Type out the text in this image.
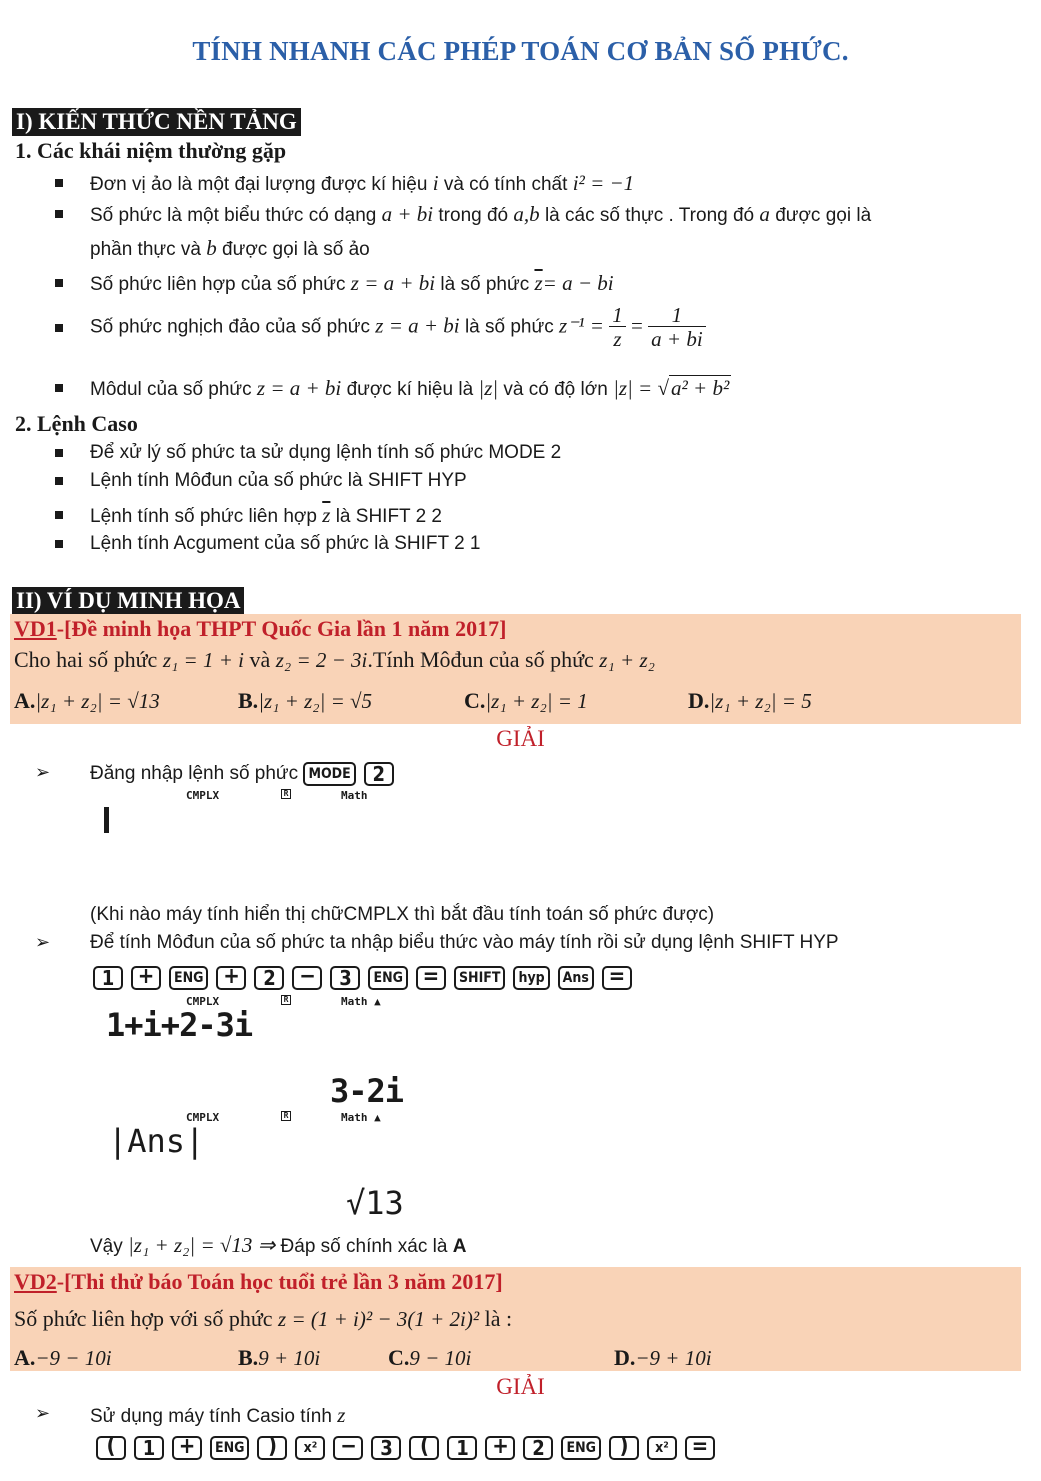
TÍNH NHANH CÁC PHÉP TOÁN CƠ BẢN SỐ PHỨC.
I) KIẾN THỨC NỀN TẢNG
1. Các khái niệm thường gặp
Đơn vị ảo là một đại lượng được kí hiệu i và có tính chất i² = −1
Số phức là một biểu thức có dạng a + bi trong đó a,b là các số thực . Trong đó a được gọi là
phần thực và b được gọi là số ảo
Số phức liên hợp của số phức z = a + bi là số phức $\overline{z}= a$ − bi
Số phức nghịch đảo của số phức z = a + bi là số phức $z^{-1} = \frac{1}{z} = \frac{1}{a + bi}$
Môdul của số phức z = a + bi được kí hiệu là |z| và có độ lớn |z| = √a² + b²
2. Lệnh Caso
Để xử lý số phức ta sử dụng lệnh tính số phức MODE 2
Lệnh tính Môđun của số phức là SHIFT HYP
Lệnh tính số phức liên hợp $\overline{z}$ là SHIFT 2 2
Lệnh tính Acgument của số phức là SHIFT 2 1
II) VÍ DỤ MINH HỌA
VD1-[Đề minh họa THPT Quốc Gia lần 1 năm 2017]
Cho hai số phức z₁ = 1 + i và z₂ = 2 − 3i.Tính Môđun của số phức z₁ + z₂
A.|z₁ + z₂| = √13	B.|z₁ + z₂| = √5	C.|z₁ + z₂| = 1	D.|z₁ + z₂| = 5
GIẢI
➢ Đăng nhập lệnh số phức MODE 2
CMPLX	R	Math
(Khi nào máy tính hiển thị chữCMPLX thì bắt đầu tính toán số phức được)
➢ Để tính Môđun của số phức ta nhập biểu thức vào máy tính rồi sử dụng lệnh SHIFT HYP
1 + ENG + 2 − 3 ENG = SHIFT hyp Ans =
CMPLX	R	Math ▲
1+i+2-3i
3-2i
CMPLX	R	Math ▲
|Ans|
√13
Vậy |z₁ + z₂| = √13 ⇒ Đáp số chính xác là A
VD2-[Thi thử báo Toán học tuổi trẻ lần 3 năm 2017]
Số phức liên hợp với số phức z = (1 + i)² − 3(1 + 2i)² là :
A.−9 − 10i	B.9 + 10i	C.9 − 10i	D.−9 + 10i
GIẢI
➢ Sử dụng máy tính Casio tính z
( 1 + ENG ) x² − 3 ( 1 + 2 ENG ) x² =
